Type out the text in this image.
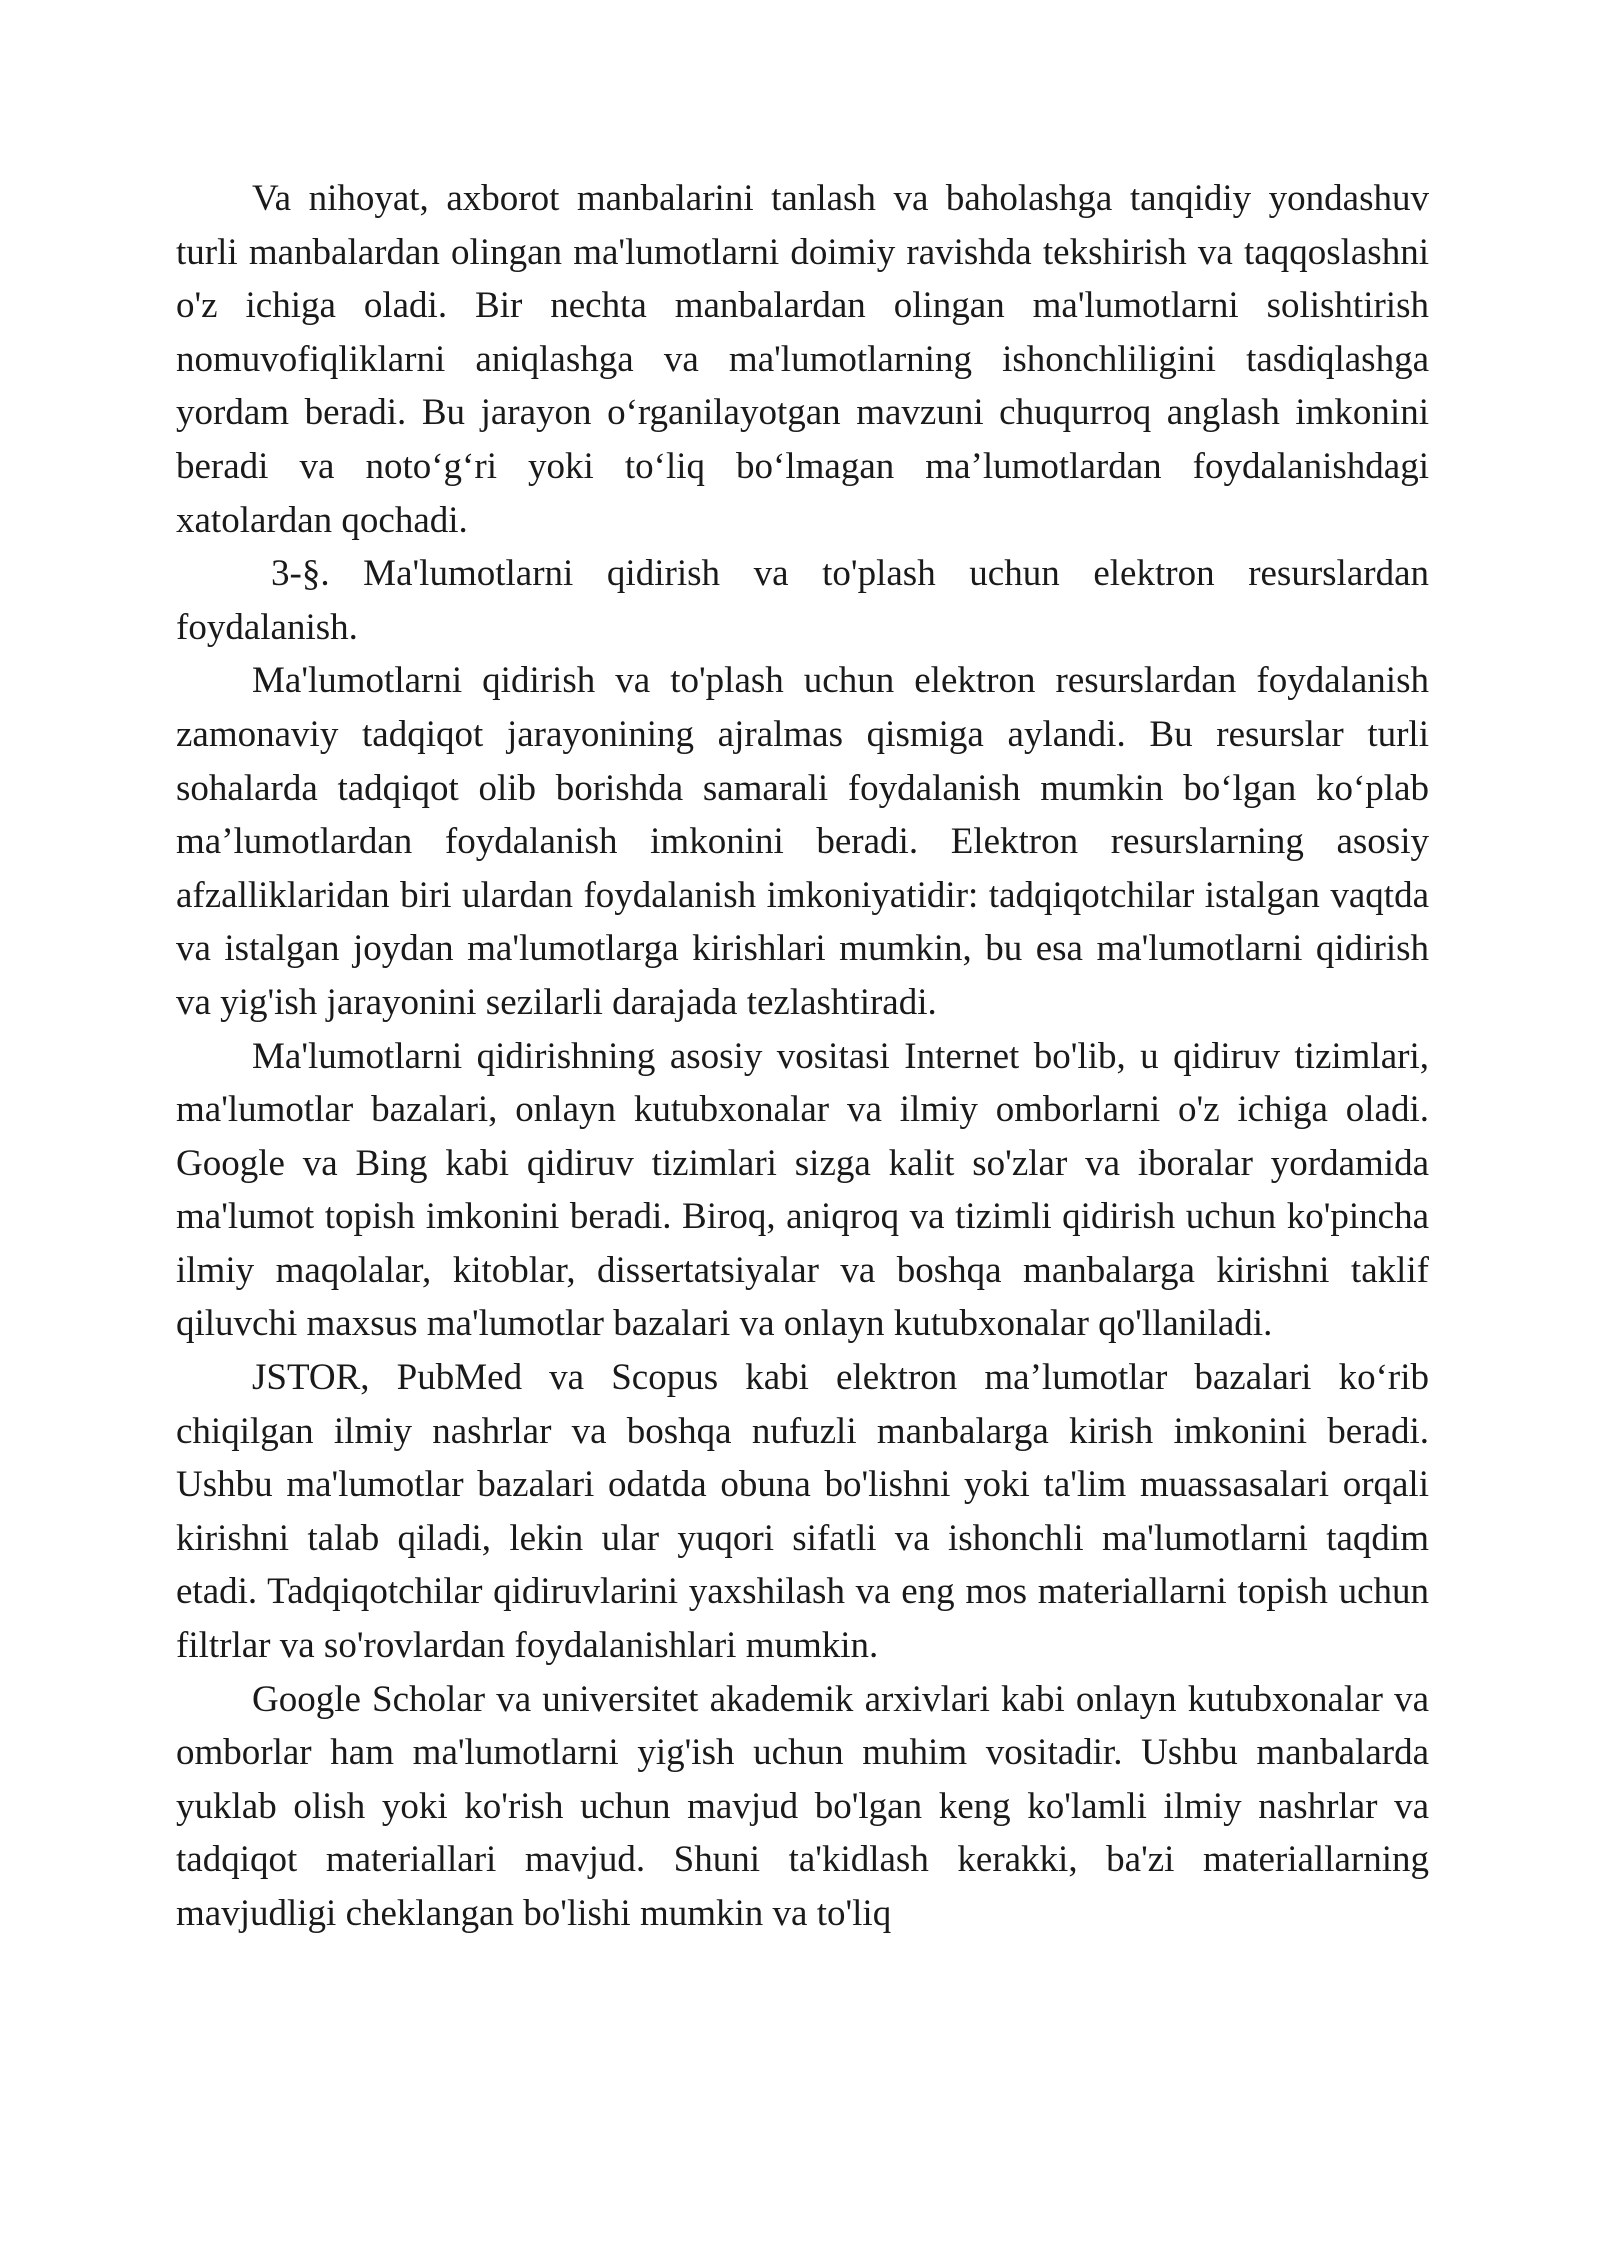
Va nihoyat, axborot manbalarini tanlash va baholashga tanqidiy yondashuv turli manbalardan olingan ma'lumotlarni doimiy ravishda tekshirish va taqqoslashni o'z ichiga oladi. Bir nechta manbalardan olingan ma'lumotlarni solishtirish nomuvofiqliklarni aniqlashga va ma'lumotlarning ishonchliligini tasdiqlashga yordam beradi. Bu jarayon o‘rganilayotgan mavzuni chuqurroq anglash imkonini beradi va noto‘g‘ri yoki to‘liq bo‘lmagan ma’lumotlardan foydalanishdagi xatolardan qochadi.

3-§. Ma'lumotlarni qidirish va to'plash uchun elektron resurslardan foydalanish.

Ma'lumotlarni qidirish va to'plash uchun elektron resurslardan foydalanish zamonaviy tadqiqot jarayonining ajralmas qismiga aylandi. Bu resurslar turli sohalarda tadqiqot olib borishda samarali foydalanish mumkin bo‘lgan ko‘plab ma’lumotlardan foydalanish imkonini beradi. Elektron resurslarning asosiy afzalliklaridan biri ulardan foydalanish imkoniyatidir: tadqiqotchilar istalgan vaqtda va istalgan joydan ma'lumotlarga kirishlari mumkin, bu esa ma'lumotlarni qidirish va yig'ish jarayonini sezilarli darajada tezlashtiradi.

Ma'lumotlarni qidirishning asosiy vositasi Internet bo'lib, u qidiruv tizimlari, ma'lumotlar bazalari, onlayn kutubxonalar va ilmiy omborlarni o'z ichiga oladi. Google va Bing kabi qidiruv tizimlari sizga kalit so'zlar va iboralar yordamida ma'lumot topish imkonini beradi. Biroq, aniqroq va tizimli qidirish uchun ko'pincha ilmiy maqolalar, kitoblar, dissertatsiyalar va boshqa manbalarga kirishni taklif qiluvchi maxsus ma'lumotlar bazalari va onlayn kutubxonalar qo'llaniladi.

JSTOR, PubMed va Scopus kabi elektron ma’lumotlar bazalari ko‘rib chiqilgan ilmiy nashrlar va boshqa nufuzli manbalarga kirish imkonini beradi. Ushbu ma'lumotlar bazalari odatda obuna bo'lishni yoki ta'lim muassasalari orqali kirishni talab qiladi, lekin ular yuqori sifatli va ishonchli ma'lumotlarni taqdim etadi. Tadqiqotchilar qidiruvlarini yaxshilash va eng mos materiallarni topish uchun filtrlar va so'rovlardan foydalanishlari mumkin.

Google Scholar va universitet akademik arxivlari kabi onlayn kutubxonalar va omborlar ham ma'lumotlarni yig'ish uchun muhim vositadir. Ushbu manbalarda yuklab olish yoki ko'rish uchun mavjud bo'lgan keng ko'lamli ilmiy nashrlar va tadqiqot materiallari mavjud. Shuni ta'kidlash kerakki, ba'zi materiallarning mavjudligi cheklangan bo'lishi mumkin va to'liq
